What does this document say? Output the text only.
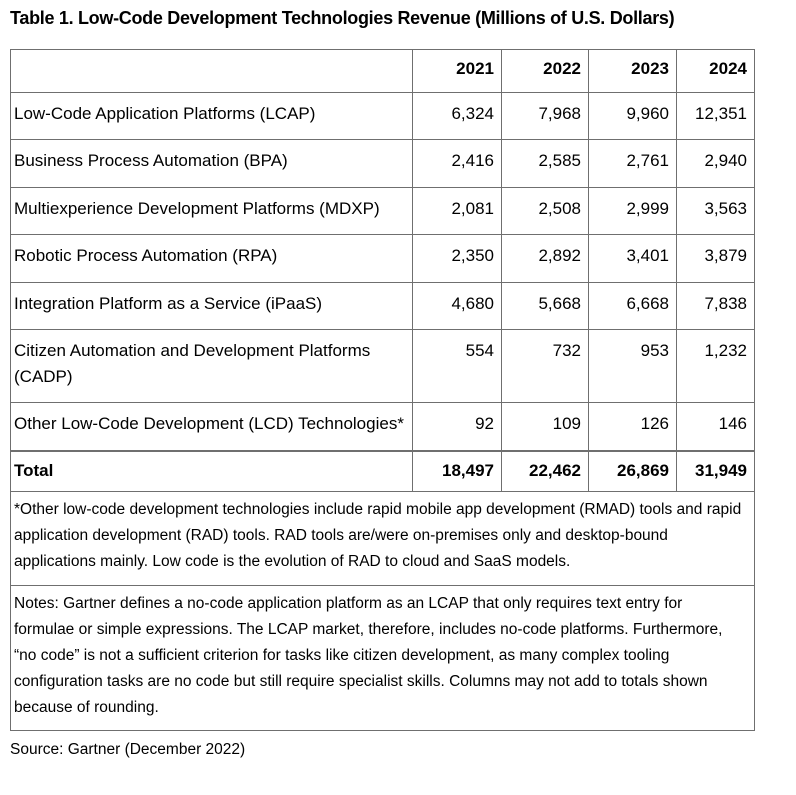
Table 1. Low-Code Development Technologies Revenue (Millions of U.S. Dollars)
	2021	2022	2023	2024
Low-Code Application Platforms (LCAP)	6,324	7,968	9,960	12,351
Business Process Automation (BPA)	2,416	2,585	2,761	2,940
Multiexperience Development Platforms (MDXP)	2,081	2,508	2,999	3,563
Robotic Process Automation (RPA)	2,350	2,892	3,401	3,879
Integration Platform as a Service (iPaaS)	4,680	5,668	6,668	7,838
Citizen Automation and Development Platforms (CADP)	554	732	953	1,232
Other Low-Code Development (LCD) Technologies*	92	109	126	146
Total	18,497	22,462	26,869	31,949
*Other low-code development technologies include rapid mobile app development (RMAD) tools and rapid application development (RAD) tools. RAD tools are/were on-premises only and desktop-bound applications mainly. Low code is the evolution of RAD to cloud and SaaS models.				
Notes: Gartner defines a no-code application platform as an LCAP that only requires text entry for formulae or simple expressions. The LCAP market, therefore, includes no-code platforms. Furthermore, “no code” is not a sufficient criterion for tasks like citizen development, as many complex tooling configuration tasks are no code but still require specialist skills. Columns may not add to totals shown because of rounding.				

Source: Gartner (December 2022)
